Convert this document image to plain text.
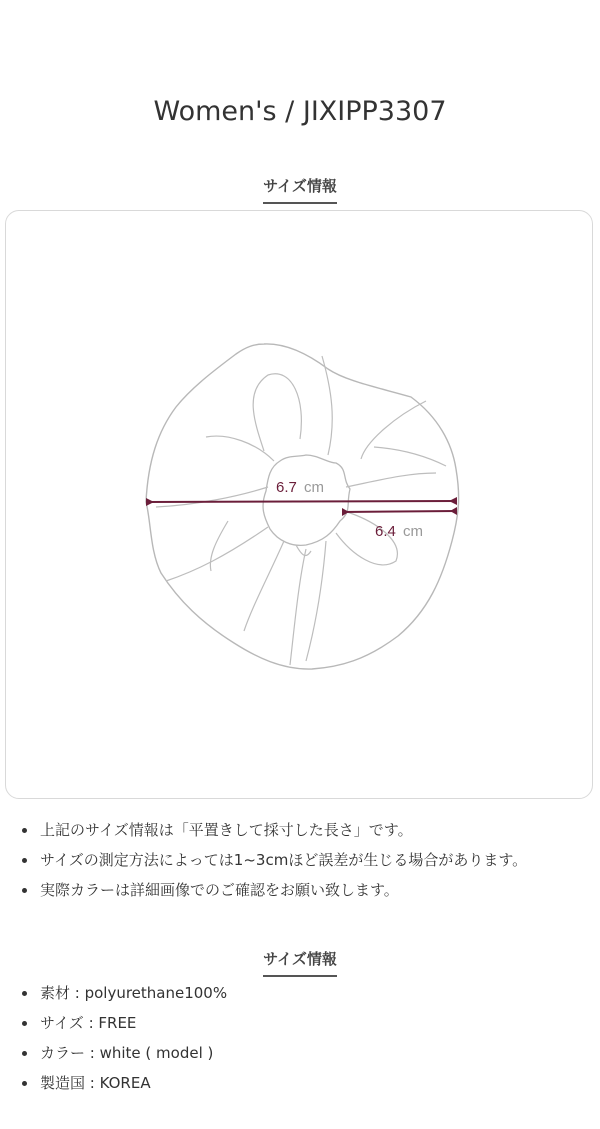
Women's / JIXIPP3307
サイズ情報
6.7 cm
6.4 cm
上記のサイズ情報は「平置きして採寸した長さ」です。
サイズの測定方法によっては1~3cmほど誤差が生じる場合があります。
実際カラーは詳細画像でのご確認をお願い致します。
サイズ情報
素材 : polyurethane100%
サイズ : FREE
カラー : white ( model )
製造国 : KOREA
